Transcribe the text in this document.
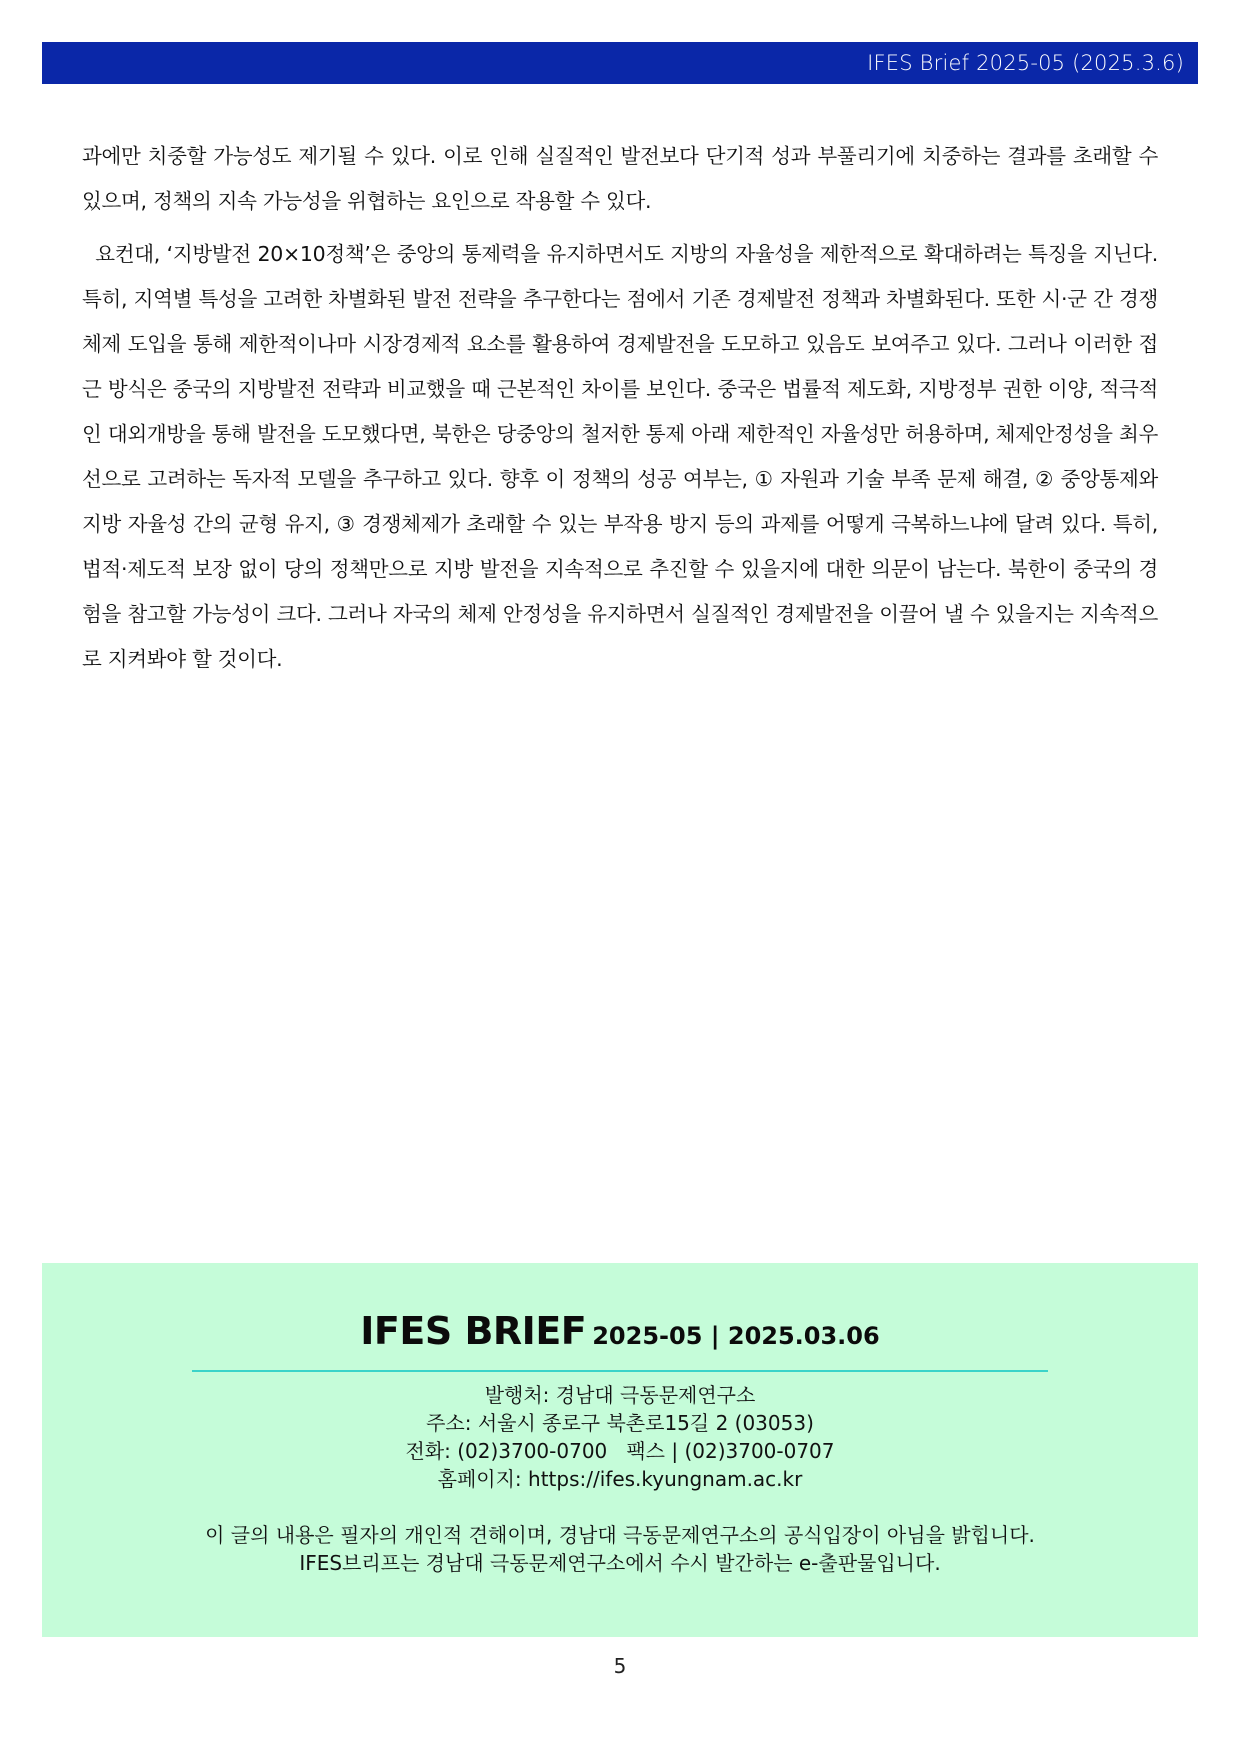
IFES Brief 2025-05 (2025.3.6)

과에만 치중할 가능성도 제기될 수 있다. 이로 인해 실질적인 발전보다 단기적 성과 부풀리기에 치중하는 결과를 초래할 수 있으며, 정책의 지속 가능성을 위협하는 요인으로 작용할 수 있다.

요컨대, ‘지방발전 20×10정책’은 중앙의 통제력을 유지하면서도 지방의 자율성을 제한적으로 확대하려는 특징을 지닌다. 특히, 지역별 특성을 고려한 차별화된 발전 전략을 추구한다는 점에서 기존 경제발전 정책과 차별화된다. 또한 시·군 간 경쟁체제 도입을 통해 제한적이나마 시장경제적 요소를 활용하여 경제발전을 도모하고 있음도 보여주고 있다. 그러나 이러한 접근 방식은 중국의 지방발전 전략과 비교했을 때 근본적인 차이를 보인다. 중국은 법률적 제도화, 지방정부 권한 이양, 적극적인 대외개방을 통해 발전을 도모했다면, 북한은 당중앙의 철저한 통제 아래 제한적인 자율성만 허용하며, 체제안정성을 최우선으로 고려하는 독자적 모델을 추구하고 있다. 향후 이 정책의 성공 여부는, ① 자원과 기술 부족 문제 해결, ② 중앙통제와 지방 자율성 간의 균형 유지, ③ 경쟁체제가 초래할 수 있는 부작용 방지 등의 과제를 어떻게 극복하느냐에 달려 있다. 특히, 법적·제도적 보장 없이 당의 정책만으로 지방 발전을 지속적으로 추진할 수 있을지에 대한 의문이 남는다. 북한이 중국의 경험을 참고할 가능성이 크다. 그러나 자국의 체제 안정성을 유지하면서 실질적인 경제발전을 이끌어 낼 수 있을지는 지속적으로 지켜봐야 할 것이다.

IFES BRIEF 2025-05 | 2025.03.06
발행처: 경남대 극동문제연구소
주소: 서울시 종로구 북촌로15길 2 (03053)
전화: (02)3700-0700   팩스 | (02)3700-0707
홈페이지: https://ifes.kyungnam.ac.kr
이 글의 내용은 필자의 개인적 견해이며, 경남대 극동문제연구소의 공식입장이 아님을 밝힙니다.
IFES브리프는 경남대 극동문제연구소에서 수시 발간하는 e-출판물입니다.
5
